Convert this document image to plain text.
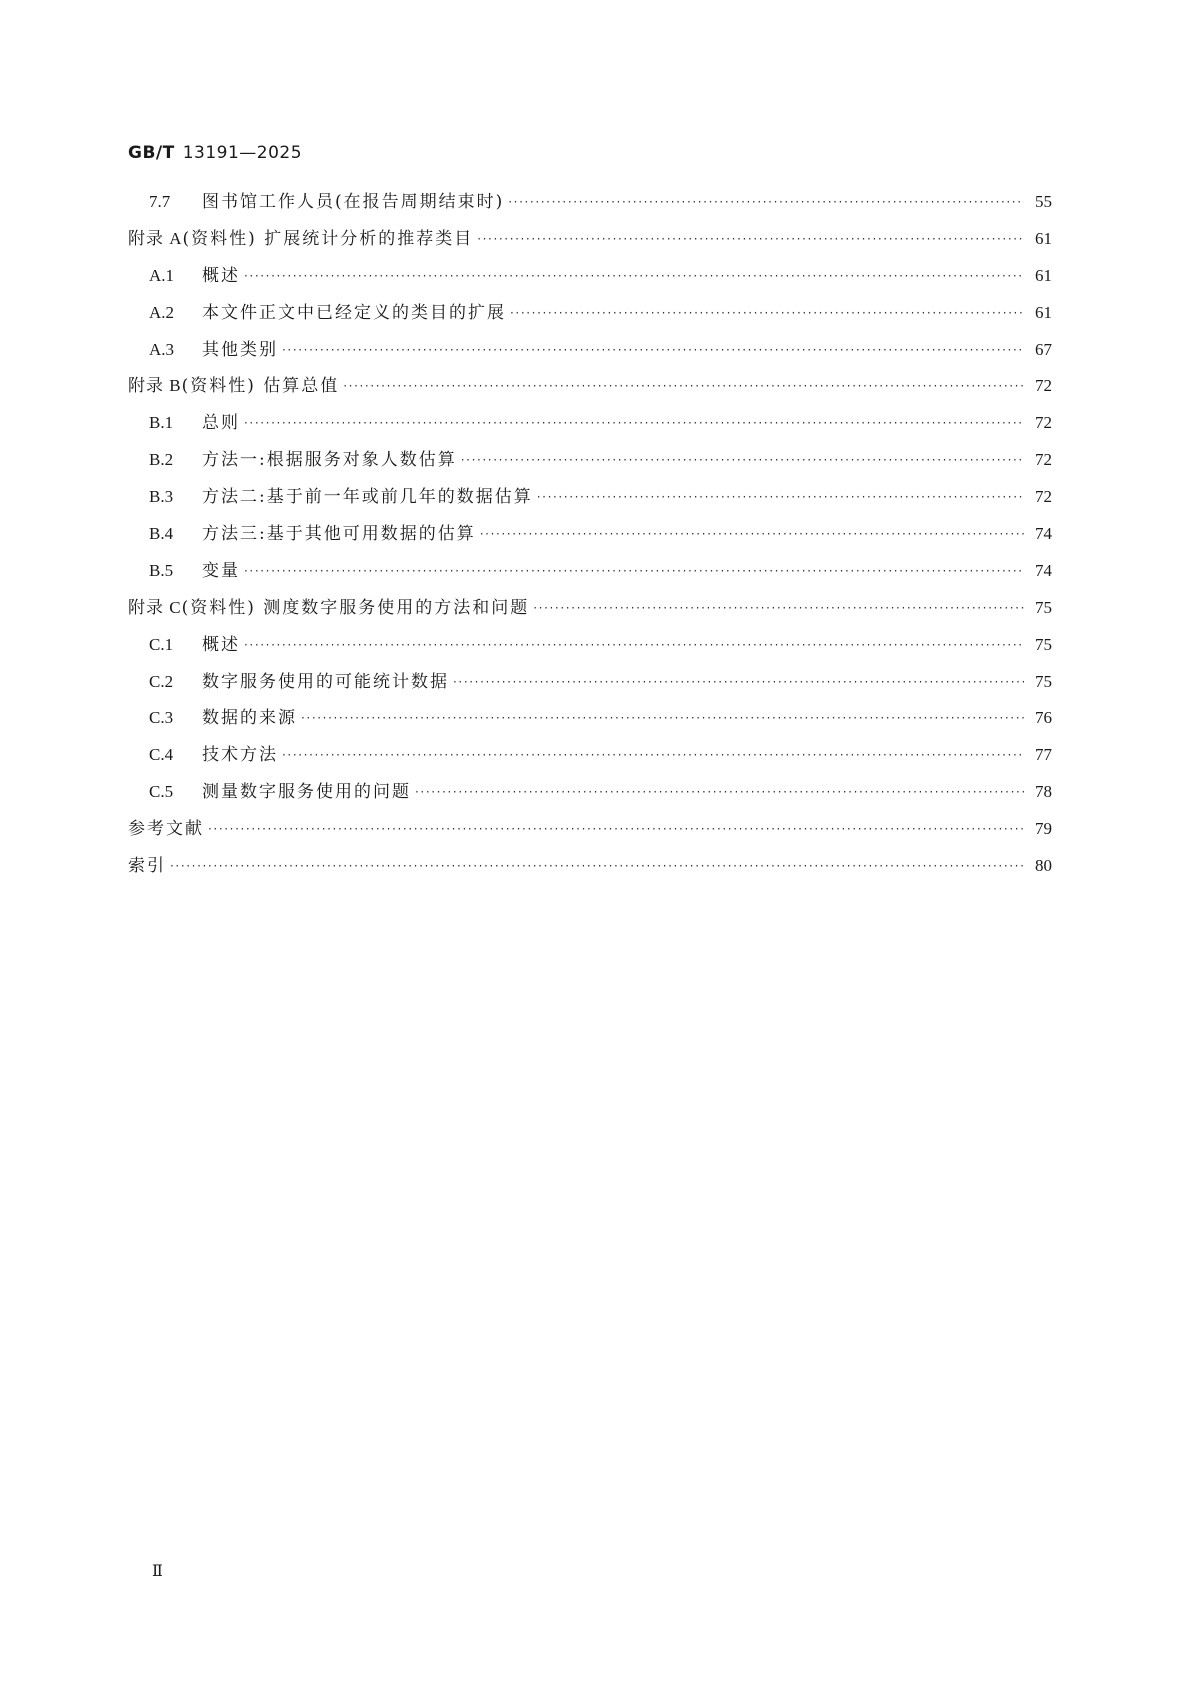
GB/T 13191—2025
7.7	图书馆工作人员(在报告周期结束时) ·····	55
附录 A (资料性) 扩展统计分析的推荐类目 ·····	61
A.1	概述 ·····	61
A.2	本文件正文中已经定义的类目的扩展 ·····	61
A.3	其他类别 ·····	67
附录 B (资料性) 估算总值 ·····	72
B.1	总则 ·····	72
B.2	方法一:根据服务对象人数估算 ·····	72
B.3	方法二:基于前一年或前几年的数据估算 ·····	72
B.4	方法三:基于其他可用数据的估算 ·····	74
B.5	变量 ·····	74
附录 C (资料性) 测度数字服务使用的方法和问题 ·····	75
C.1	概述 ·····	75
C.2	数字服务使用的可能统计数据 ·····	75
C.3	数据的来源 ·····	76
C.4	技术方法 ·····	77
C.5	测量数字服务使用的问题 ·····	78
参考文献 ·····	79
索引 ·····	80
Ⅱ
